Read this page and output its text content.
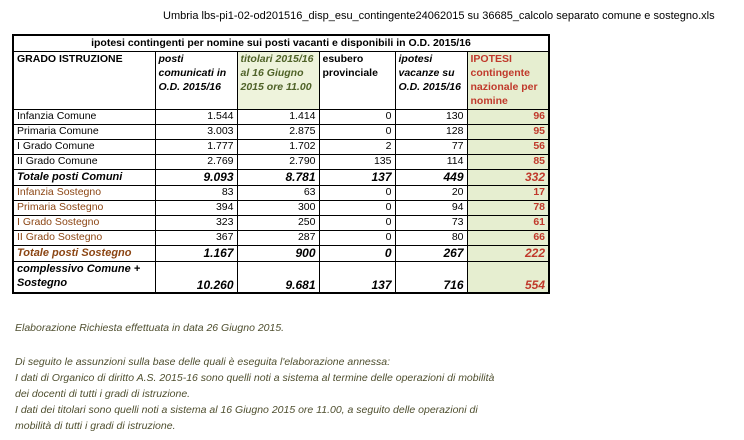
Umbria lbs-pi1-02-od201516_disp_esu_contingente24062015 su 36685_calcolo separato comune e sostegno.xls
ipotesi contingenti per nomine sui posti vacanti e disponibili in O.D. 2015/16					
GRADO ISTRUZIONE	posti comunicati in O.D. 2015/16	titolari 2015/16 al 16 Giugno 2015 ore 11.00	esubero provinciale	ipotesi vacanze su O.D. 2015/16	IPOTESI contingente nazionale per nomine
Infanzia Comune	1.544	1.414	0	130	96
Primaria Comune	3.003	2.875	0	128	95
I Grado Comune	1.777	1.702	2	77	56
II Grado Comune	2.769	2.790	135	114	85
Totale posti Comuni	9.093	8.781	137	449	332
Infanzia Sostegno	83	63	0	20	17
Primaria Sostegno	394	300	0	94	78
I Grado Sostegno	323	250	0	73	61
II Grado Sostegno	367	287	0	80	66
Totale posti Sostegno	1.167	900	0	267	222
complessivo Comune + Sostegno	10.260	9.681	137	716	554
Elaborazione Richiesta effettuata in data 26 Giugno 2015.
Di seguito le assunzioni sulla base delle quali è eseguita l'elaborazione annessa:
I dati di Organico di diritto A.S. 2015-16 sono quelli noti a sistema al termine delle operazioni di mobilità
dei docenti di tutti i gradi di istruzione.
I dati dei titolari sono quelli noti a sistema al 16 Giugno 2015 ore 11.00, a seguito delle operazioni di
mobilità di tutti i gradi di istruzione.
